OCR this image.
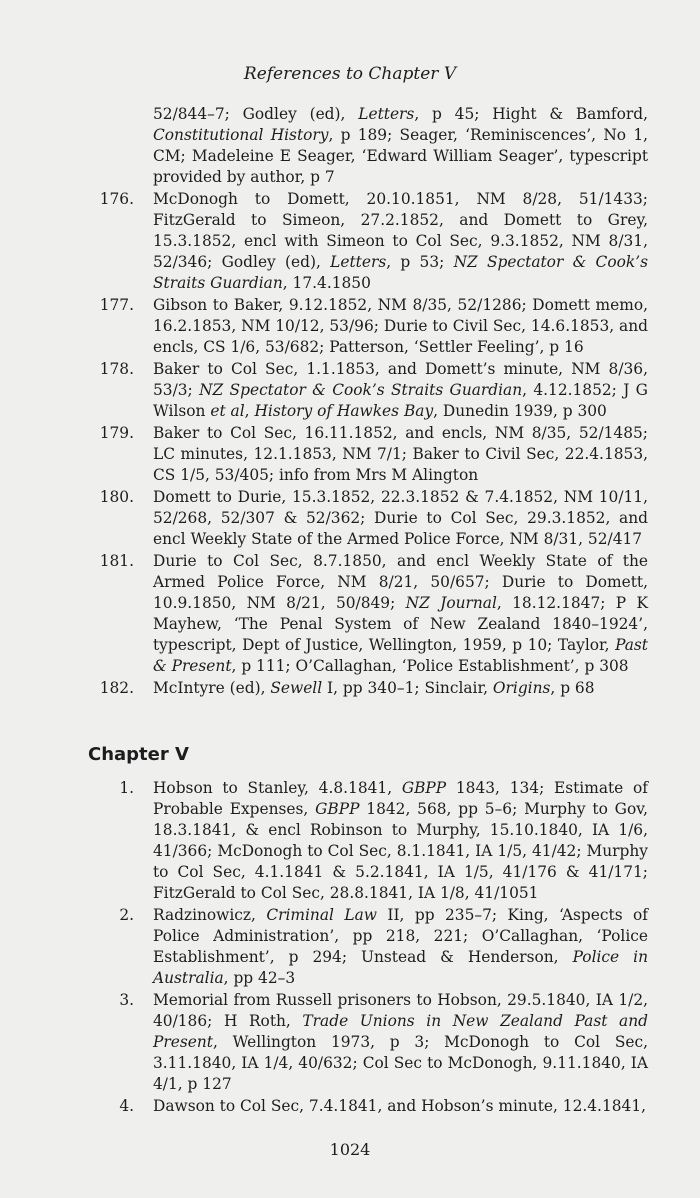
References to Chapter V

52/844–7; Godley (ed), Letters, p 45; Hight & Bamford, Constitutional History, p 189; Seager, ‘Reminiscences’, No 1, CM; Madeleine E Seager, ‘Edward William Seager’, typescript provided by author, p 7

176. McDonogh to Domett, 20.10.1851, NM 8/28, 51/1433; FitzGerald to Simeon, 27.2.1852, and Domett to Grey, 15.3.1852, encl with Simeon to Col Sec, 9.3.1852, NM 8/31, 52/346; Godley (ed), Letters, p 53; NZ Spectator & Cook’s Straits Guardian, 17.4.1850

177. Gibson to Baker, 9.12.1852, NM 8/35, 52/1286; Domett memo, 16.2.1853, NM 10/12, 53/96; Durie to Civil Sec, 14.6.1853, and encls, CS 1/6, 53/682; Patterson, ‘Settler Feeling’, p 16

178. Baker to Col Sec, 1.1.1853, and Domett’s minute, NM 8/36, 53/3; NZ Spectator & Cook’s Straits Guardian, 4.12.1852; J G Wilson et al, History of Hawkes Bay, Dunedin 1939, p 300

179. Baker to Col Sec, 16.11.1852, and encls, NM 8/35, 52/1485; LC minutes, 12.1.1853, NM 7/1; Baker to Civil Sec, 22.4.1853, CS 1/5, 53/405; info from Mrs M Alington

180. Domett to Durie, 15.3.1852, 22.3.1852 & 7.4.1852, NM 10/11, 52/268, 52/307 & 52/362; Durie to Col Sec, 29.3.1852, and encl Weekly State of the Armed Police Force, NM 8/31, 52/417

181. Durie to Col Sec, 8.7.1850, and encl Weekly State of the Armed Police Force, NM 8/21, 50/657; Durie to Domett, 10.9.1850, NM 8/21, 50/849; NZ Journal, 18.12.1847; P K Mayhew, ‘The Penal System of New Zealand 1840–1924’, typescript, Dept of Justice, Wellington, 1959, p 10; Taylor, Past & Present, p 111; O’Callaghan, ‘Police Establishment’, p 308

182. McIntyre (ed), Sewell I, pp 340–1; Sinclair, Origins, p 68

Chapter V

1. Hobson to Stanley, 4.8.1841, GBPP 1843, 134; Estimate of Probable Expenses, GBPP 1842, 568, pp 5–6; Murphy to Gov, 18.3.1841, & encl Robinson to Murphy, 15.10.1840, IA 1/6, 41/366; McDonogh to Col Sec, 8.1.1841, IA 1/5, 41/42; Murphy to Col Sec, 4.1.1841 & 5.2.1841, IA 1/5, 41/176 & 41/171; FitzGerald to Col Sec, 28.8.1841, IA 1/8, 41/1051

2. Radzinowicz, Criminal Law II, pp 235–7; King, ‘Aspects of Police Administration’, pp 218, 221; O’Callaghan, ‘Police Establishment’, p 294; Unstead & Henderson, Police in Australia, pp 42–3

3. Memorial from Russell prisoners to Hobson, 29.5.1840, IA 1/2, 40/186; H Roth, Trade Unions in New Zealand Past and Present, Wellington 1973, p 3; McDonogh to Col Sec, 3.11.1840, IA 1/4, 40/632; Col Sec to McDonogh, 9.11.1840, IA 4/1, p 127

4. Dawson to Col Sec, 7.4.1841, and Hobson’s minute, 12.4.1841,

1024
